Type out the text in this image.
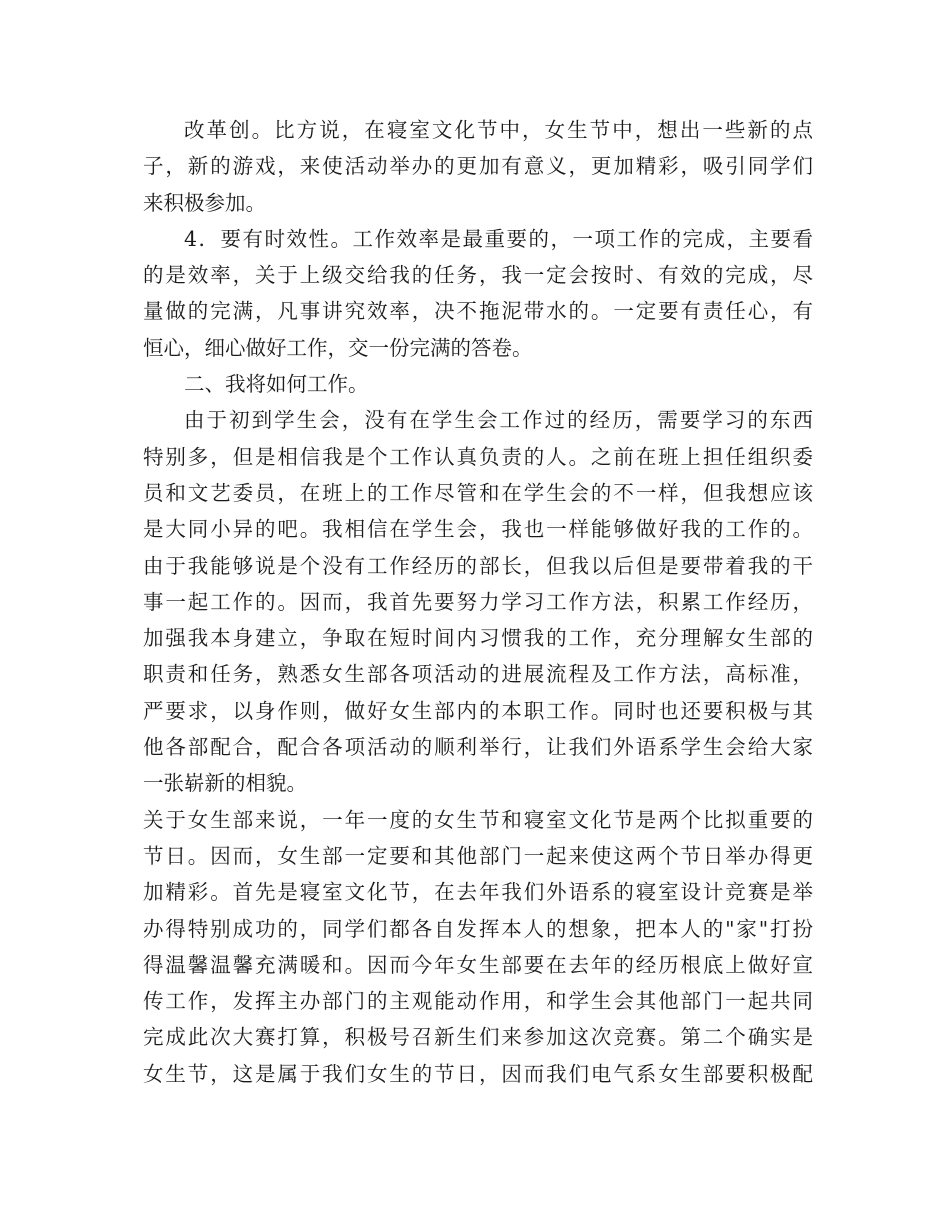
改革创。比方说，在寝室文化节中，女生节中，想出一些新的点
子，新的游戏，来使活动举办的更加有意义，更加精彩，吸引同学们
来积极参加。
4．要有时效性。工作效率是最重要的，一项工作的完成，主要看
的是效率，关于上级交给我的任务，我一定会按时、有效的完成，尽
量做的完满，凡事讲究效率，决不拖泥带水的。一定要有责任心，有
恒心，细心做好工作，交一份完满的答卷。
二、我将如何工作。
由于初到学生会，没有在学生会工作过的经历，需要学习的东西
特别多，但是相信我是个工作认真负责的人。之前在班上担任组织委
员和文艺委员，在班上的工作尽管和在学生会的不一样，但我想应该
是大同小异的吧。我相信在学生会，我也一样能够做好我的工作的。
由于我能够说是个没有工作经历的部长，但我以后但是要带着我的干
事一起工作的。因而，我首先要努力学习工作方法，积累工作经历，
加强我本身建立，争取在短时间内习惯我的工作，充分理解女生部的
职责和任务，熟悉女生部各项活动的进展流程及工作方法，高标准，
严要求，以身作则，做好女生部内的本职工作。同时也还要积极与其
他各部配合，配合各项活动的顺利举行，让我们外语系学生会给大家
一张崭新的相貌。
关于女生部来说，一年一度的女生节和寝室文化节是两个比拟重要的
节日。因而，女生部一定要和其他部门一起来使这两个节日举办得更
加精彩。首先是寝室文化节，在去年我们外语系的寝室设计竞赛是举
办得特别成功的，同学们都各自发挥本人的想象，把本人的"家"打扮
得温馨温馨充满暖和。因而今年女生部要在去年的经历根底上做好宣
传工作，发挥主办部门的主观能动作用，和学生会其他部门一起共同
完成此次大赛打算，积极号召新生们来参加这次竞赛。第二个确实是
女生节，这是属于我们女生的节日，因而我们电气系女生部要积极配
